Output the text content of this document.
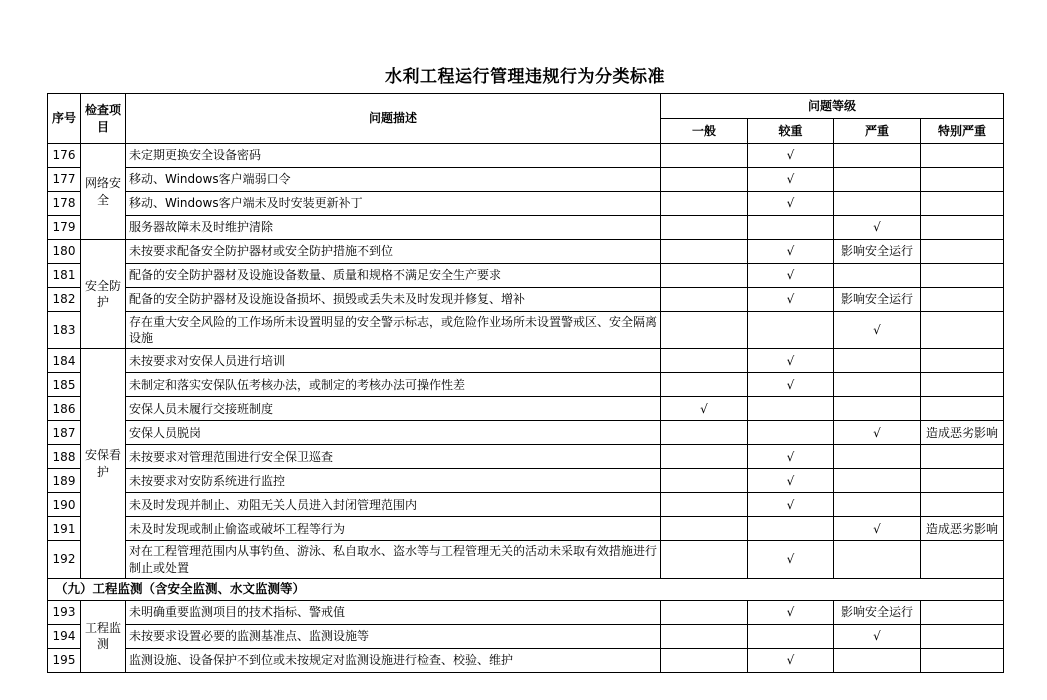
水利工程运行管理违规行为分类标准
序号	检查项目	问题描述	问题等级			
			一般	较重	严重	特别严重
176	网络安全	未定期更换安全设备密码		√		
177		移动、Windows客户端弱口令		√		
178		移动、Windows客户端未及时安装更新补丁		√		
179		服务器故障未及时维护清除			√	
180	安全防护	未按要求配备安全防护器材或安全防护措施不到位		√	影响安全运行	
181		配备的安全防护器材及设施设备数量、质量和规格不满足安全生产要求		√		
182		配备的安全防护器材及设施设备损坏、损毁或丢失未及时发现并修复、增补		√	影响安全运行	
183		存在重大安全风险的工作场所未设置明显的安全警示标志，或危险作业场所未设置警戒区、安全隔离设施			√	
184	安保看护	未按要求对安保人员进行培训		√		
185		未制定和落实安保队伍考核办法，或制定的考核办法可操作性差		√		
186		安保人员未履行交接班制度	√			
187		安保人员脱岗			√	造成恶劣影响
188		未按要求对管理范围进行安全保卫巡查		√		
189		未按要求对安防系统进行监控		√		
190		未及时发现并制止、劝阻无关人员进入封闭管理范围内		√		
191		未及时发现或制止偷盗或破坏工程等行为			√	造成恶劣影响
192		对在工程管理范围内从事钓鱼、游泳、私自取水、盗水等与工程管理无关的活动未采取有效措施进行制止或处置		√		
（九）工程监测（含安全监测、水文监测等）						
193	工程监测	未明确重要监测项目的技术指标、警戒值		√	影响安全运行	
194		未按要求设置必要的监测基准点、监测设施等			√	
195		监测设施、设备保护不到位或未按规定对监测设施进行检查、校验、维护		√		
